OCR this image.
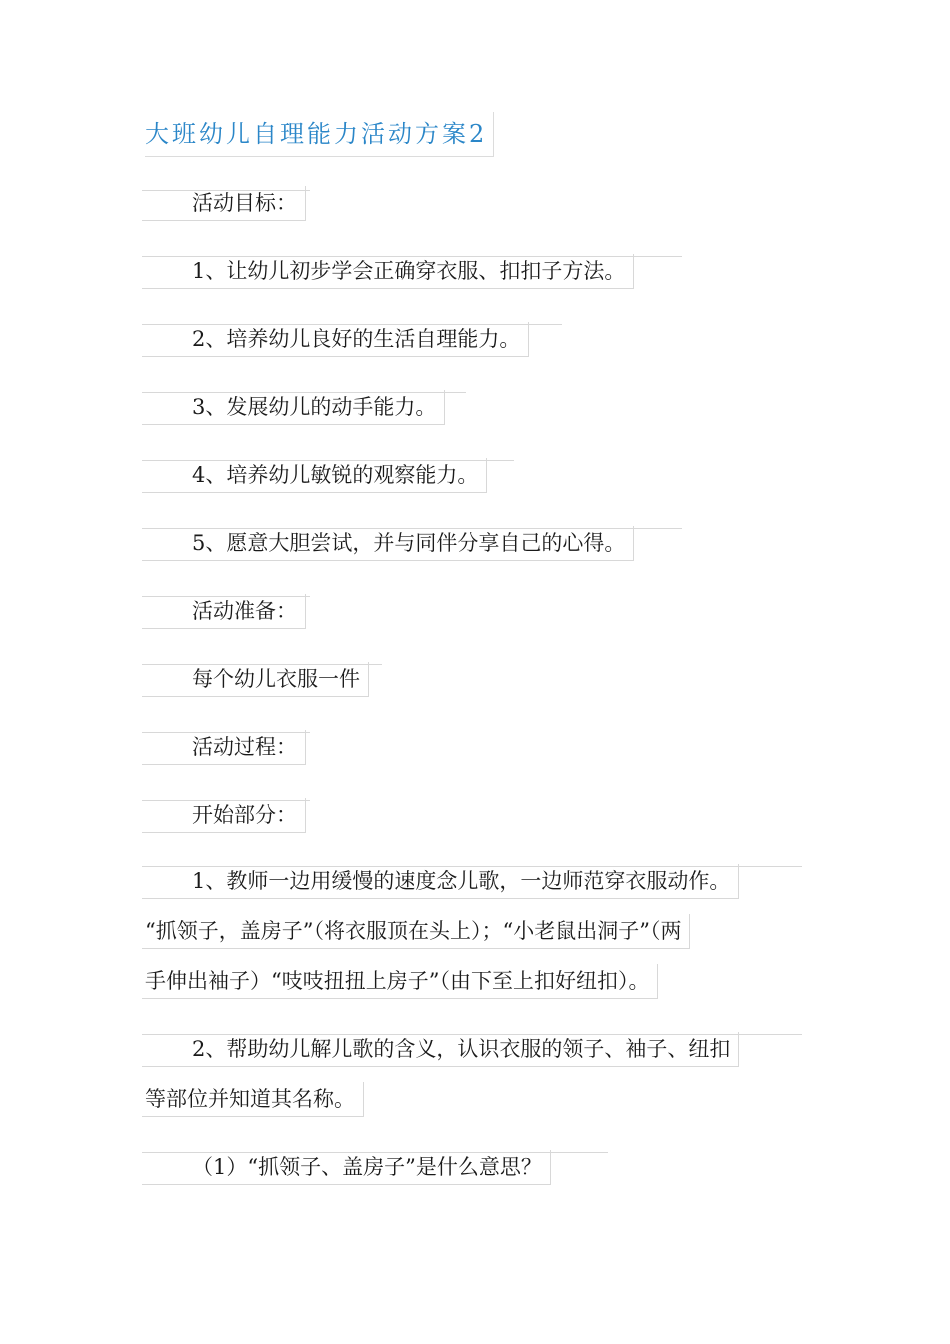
大班幼儿自理能力活动方案2
活动目标：
1、让幼儿初步学会正确穿衣服、扣扣子方法。
2、培养幼儿良好的生活自理能力。
3、发展幼儿的动手能力。
4、培养幼儿敏锐的观察能力。
5、愿意大胆尝试，并与同伴分享自己的心得。
活动准备：
每个幼儿衣服一件
活动过程：
开始部分：
1、教师一边用缓慢的速度念儿歌，一边师范穿衣服动作。
“抓领子，盖房子”（将衣服顶在头上）；“小老鼠出洞子”（两
手伸出袖子）“吱吱扭扭上房子”（由下至上扣好纽扣）。
2、帮助幼儿解儿歌的含义，认识衣服的领子、袖子、纽扣
等部位并知道其名称。
（1）“抓领子、盖房子”是什么意思？
